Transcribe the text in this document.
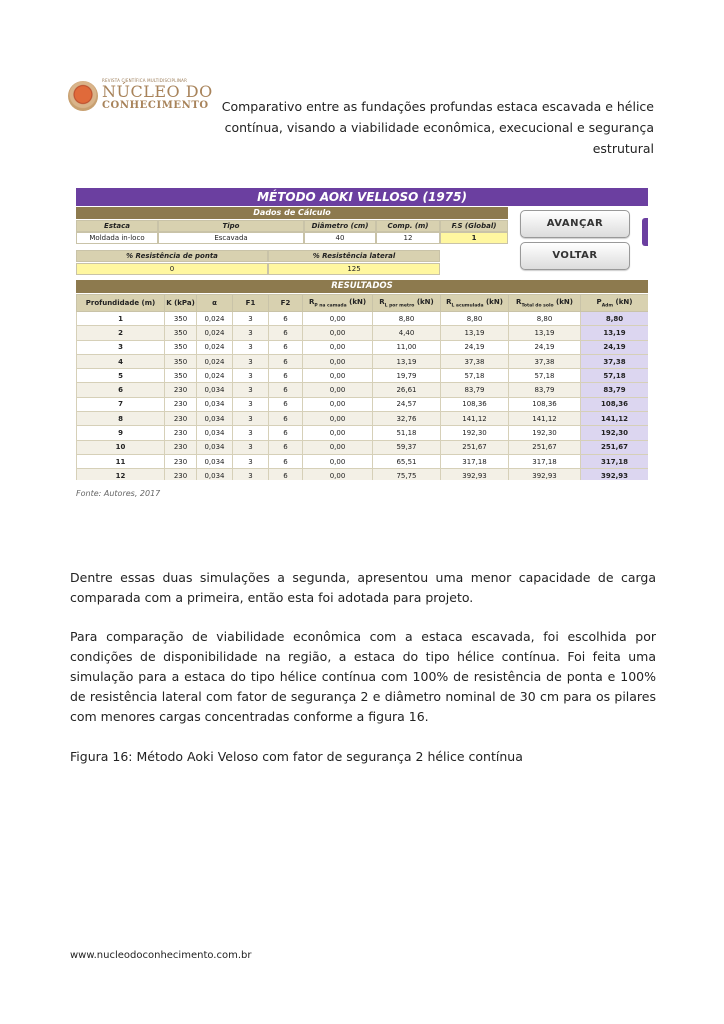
REVISTA CIENTÍFICA MULTIDISCIPLINAR
NÚCLEO DO
CONHECIMENTO	Comparativo entre as fundações profundas estaca escavada e hélice contínua, visando a viabilidade econômica, execucional e segurança estrutural
MÉTODO AOKI VELLOSO (1975)
Dados de Cálculo
Estaca	Tipo	Diâmetro (cm)	Comp. (m)	F.S (Global)
Moldada in-loco	Escavada	40	12	1
% Resistência de ponta	% Resistência lateral
0	125
AVANÇAR
VOLTAR
RESULTADOS
Profundidade (m)	K (kPa)	α	F1	F2	$R_{P na camada}$ (kN)	$R_{L por metro}$ (kN)	$R_{L acumulada}$ (kN)	$R_{Total do solo}$ (kN)	$P_{Adm}$ (kN)
1	350	0,024	3	6	0,00	8,80	8,80	8,80	8,80
2	350	0,024	3	6	0,00	4,40	13,19	13,19	13,19
3	350	0,024	3	6	0,00	11,00	24,19	24,19	24,19
4	350	0,024	3	6	0,00	13,19	37,38	37,38	37,38
5	350	0,024	3	6	0,00	19,79	57,18	57,18	57,18
6	230	0,034	3	6	0,00	26,61	83,79	83,79	83,79
7	230	0,034	3	6	0,00	24,57	108,36	108,36	108,36
8	230	0,034	3	6	0,00	32,76	141,12	141,12	141,12
9	230	0,034	3	6	0,00	51,18	192,30	192,30	192,30
10	230	0,034	3	6	0,00	59,37	251,67	251,67	251,67
11	230	0,034	3	6	0,00	65,51	317,18	317,18	317,18
12	230	0,034	3	6	0,00	75,75	392,93	392,93	392,93
Fonte: Autores, 2017
Dentre essas duas simulações a segunda, apresentou uma menor capacidade de carga comparada com a primeira, então esta foi adotada para projeto.
Para comparação de viabilidade econômica com a estaca escavada, foi escolhida por condições de disponibilidade na região, a estaca do tipo hélice contínua. Foi feita uma simulação para a estaca do tipo hélice contínua com 100% de resistência de ponta e 100% de resistência lateral com fator de segurança 2 e diâmetro nominal de 30 cm para os pilares com menores cargas concentradas conforme a figura 16.
Figura 16: Método Aoki Veloso com fator de segurança 2 hélice contínua
www.nucleodoconhecimento.com.br
